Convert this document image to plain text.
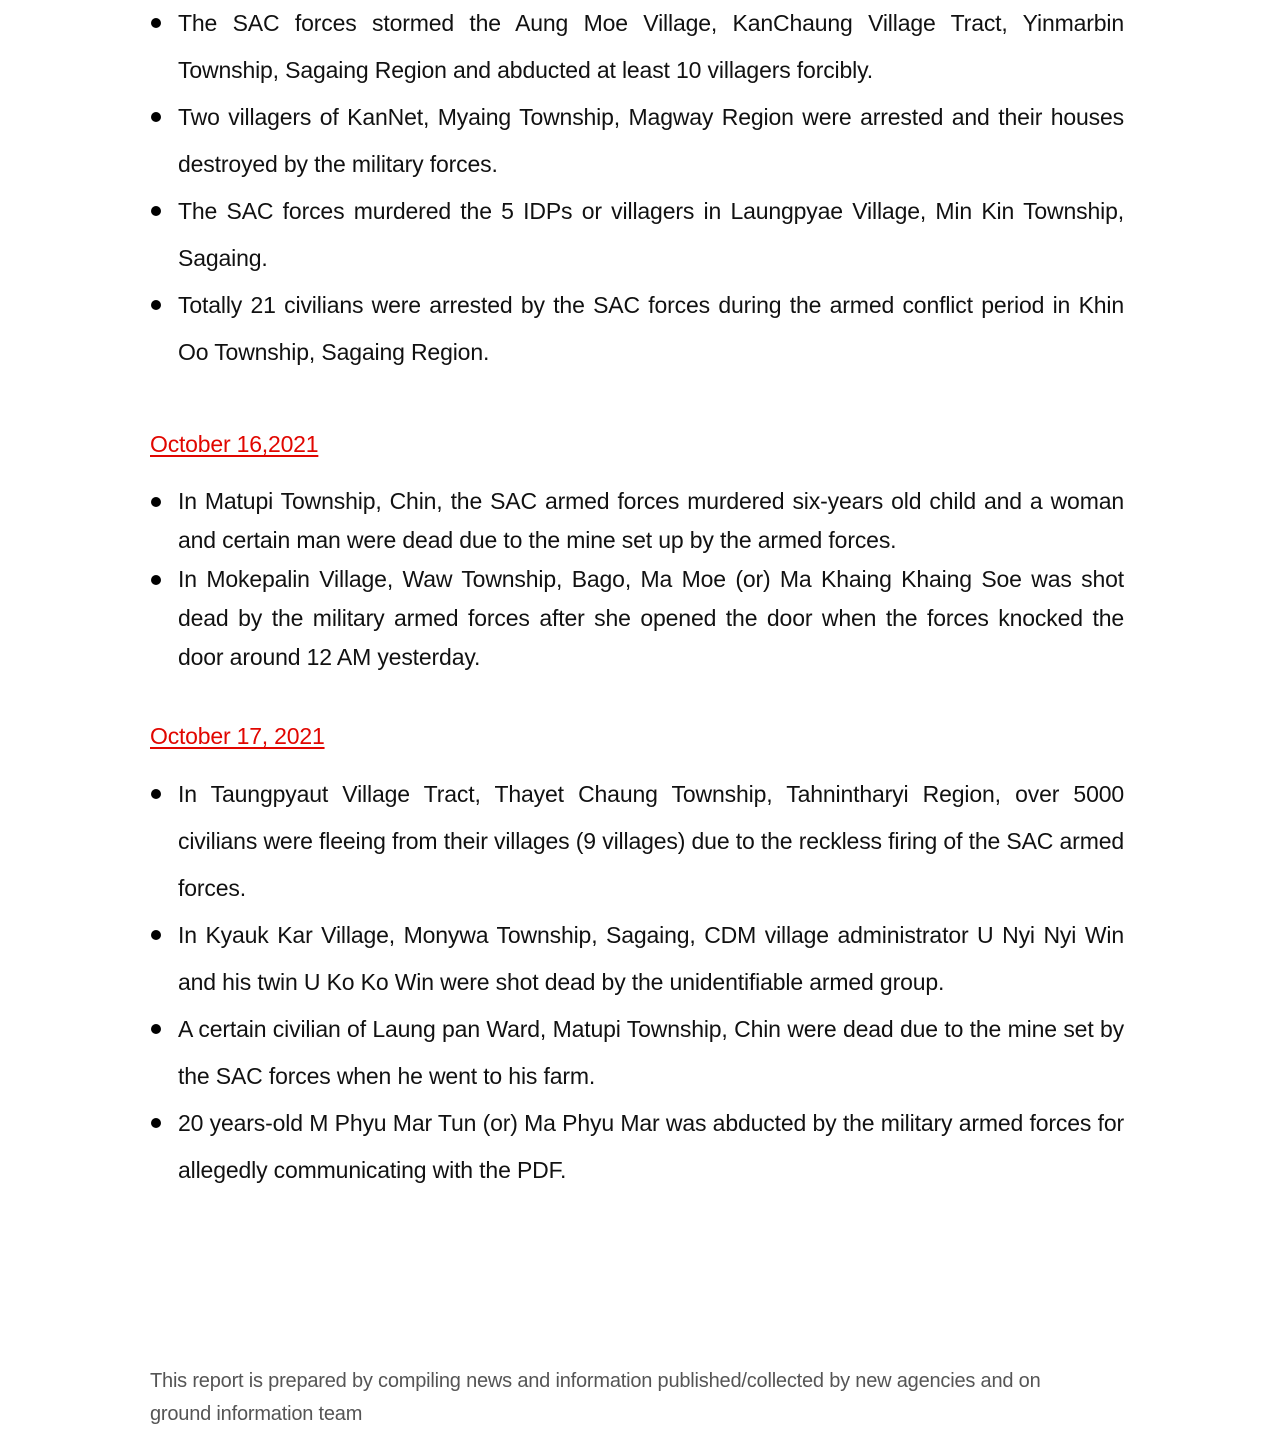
The SAC forces stormed the Aung Moe Village, KanChaung Village Tract, Yinmarbin Township, Sagaing Region and abducted at least 10 villagers forcibly.
Two villagers of KanNet, Myaing Township, Magway Region were arrested and their houses destroyed by the military forces.
The SAC forces murdered the 5 IDPs or villagers in Laungpyae Village, Min Kin Township, Sagaing.
Totally 21 civilians were arrested by the SAC forces during the armed conflict period in Khin Oo Township, Sagaing Region.
October 16,2021
In Matupi Township, Chin, the SAC armed forces murdered six-years old child and a woman and certain man were dead due to the mine set up by the armed forces.
In Mokepalin Village, Waw Township, Bago, Ma Moe (or) Ma Khaing Khaing Soe was shot dead by the military armed forces after she opened the door when the forces knocked the door around 12 AM yesterday.
October 17, 2021
In Taungpyaut Village Tract, Thayet Chaung Township, Tahnintharyi Region, over 5000 civilians were fleeing from their villages (9 villages) due to the reckless firing of the SAC armed forces.
In Kyauk Kar Village, Monywa Township, Sagaing, CDM village administrator U Nyi Nyi Win and his twin U Ko Ko Win were shot dead by the unidentifiable armed group.
A certain civilian of Laung pan Ward, Matupi Township, Chin were dead due to the mine set by the SAC forces when he went to his farm.
20 years-old M Phyu Mar Tun (or) Ma Phyu Mar was abducted by the military armed forces for allegedly communicating with the PDF.

This report is prepared by compiling news and information published/collected by new agencies and on ground information team
